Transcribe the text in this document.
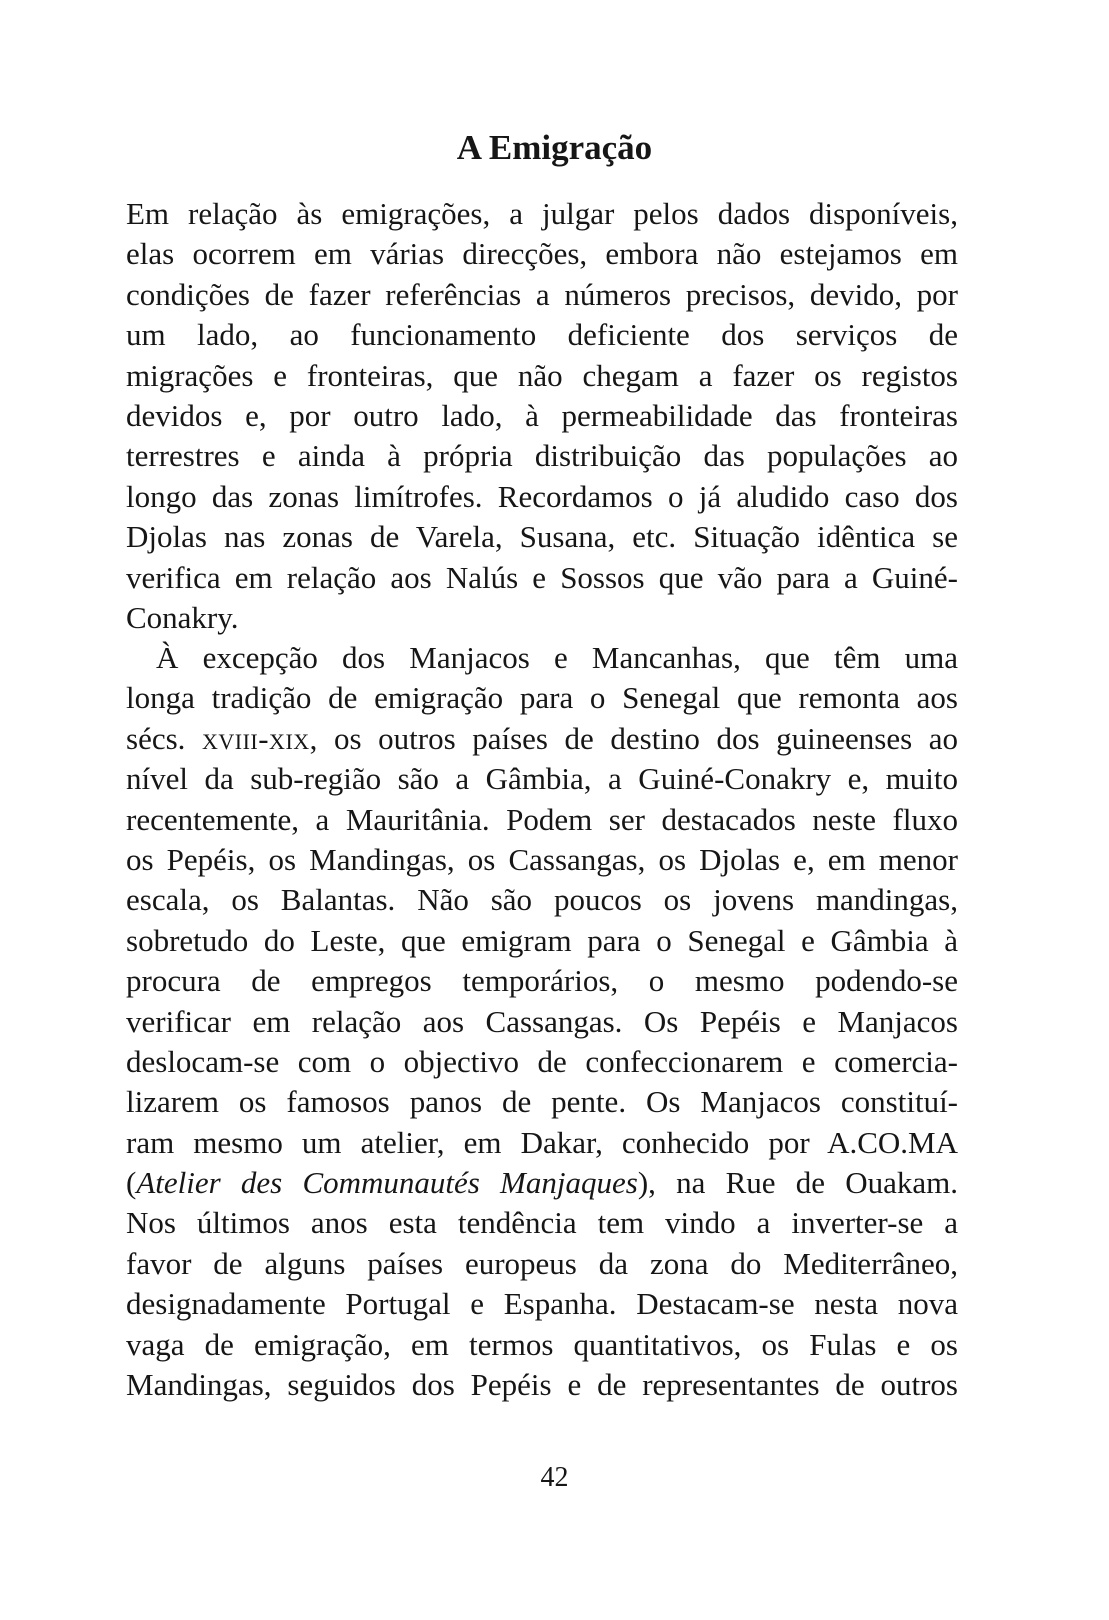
A Emigração
Em relação às emigrações, a julgar pelos dados disponíveis,
elas ocorrem em várias direcções, embora não estejamos em
condições de fazer referências a números precisos, devido, por
um lado, ao funcionamento deficiente dos serviços de
migrações e fronteiras, que não chegam a fazer os registos
devidos e, por outro lado, à permeabilidade das fronteiras
terrestres e ainda à própria distribuição das populações ao
longo das zonas limítrofes. Recordamos o já aludido caso dos
Djolas nas zonas de Varela, Susana, etc. Situação idêntica se
verifica em relação aos Nalús e Sossos que vão para a Guiné-
Conakry.
À excepção dos Manjacos e Mancanhas, que têm uma
longa tradição de emigração para o Senegal que remonta aos
sécs. xviii-xix, os outros países de destino dos guineenses ao
nível da sub-região são a Gâmbia, a Guiné-Conakry e, muito
recentemente, a Mauritânia. Podem ser destacados neste fluxo
os Pepéis, os Mandingas, os Cassangas, os Djolas e, em menor
escala, os Balantas. Não são poucos os jovens mandingas,
sobretudo do Leste, que emigram para o Senegal e Gâmbia à
procura de empregos temporários, o mesmo podendo-se
verificar em relação aos Cassangas. Os Pepéis e Manjacos
deslocam-se com o objectivo de confeccionarem e comercia-
lizarem os famosos panos de pente. Os Manjacos constituí-
ram mesmo um atelier, em Dakar, conhecido por A.CO.MA
(Atelier des Communautés Manjaques), na Rue de Ouakam.
Nos últimos anos esta tendência tem vindo a inverter-se a
favor de alguns países europeus da zona do Mediterrâneo,
designadamente Portugal e Espanha. Destacam-se nesta nova
vaga de emigração, em termos quantitativos, os Fulas e os
Mandingas, seguidos dos Pepéis e de representantes de outros
42
